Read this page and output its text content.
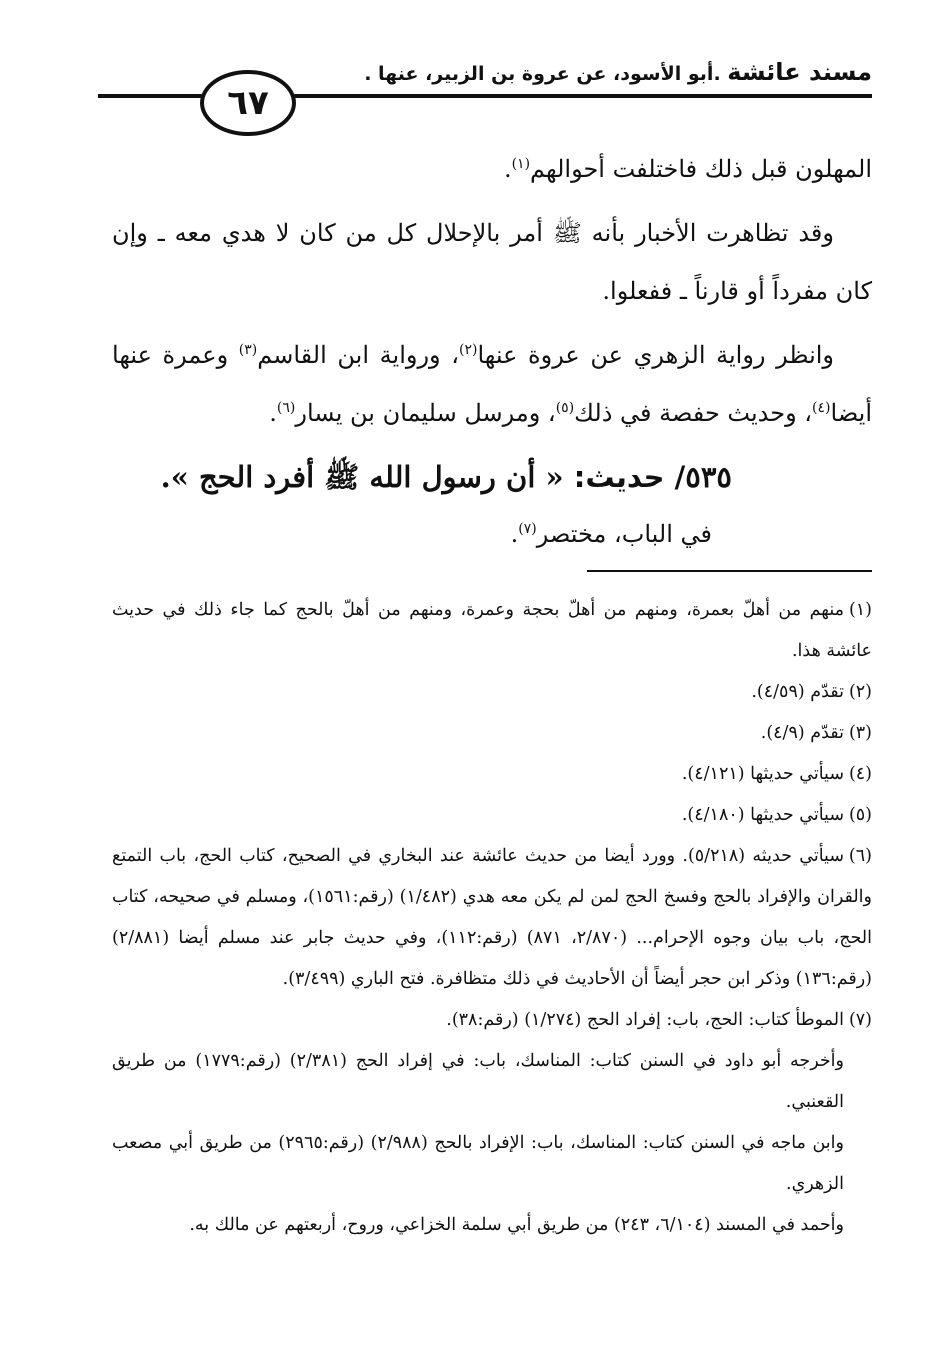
مسند عائشة .أبو الأسود، عن عروة بن الزبير، عنها .
٦٧

المهلون قبل ذلك فاختلفت أحوالهم$^{(١)}$.

وقد تظاهرت الأخبار بأنه ﷺ أمر بالإحلال كل من كان لا هدي معه ـ وإن كان مفرداً أو قارناً ـ ففعلوا.

وانظر رواية الزهري عن عروة عنها$^{(٢)}$، ورواية ابن القاسم$^{(٣)}$ وعمرة عنها أيضا$^{(٤)}$، وحديث حفصة في ذلك$^{(٥)}$، ومرسل سليمان بن يسار$^{(٦)}$.

٥٣٥/ حديث: « أن رسول الله ﷺ أفرد الحج ».
في الباب، مختصر$^{(٧)}$.

(١)منهم من أهلّ بعمرة، ومنهم من أهلّ بحجة وعمرة، ومنهم من أهلّ بالحج كما جاء ذلك في حديث عائشة هذا.

(٢)تقدّم (٤/٥٩).

(٣)تقدّم (٤/٩).

(٤)سيأتي حديثها (٤/١٢١).

(٥)سيأتي حديثها (٤/١٨٠).

(٦)سيأتي حديثه (٥/٢١٨). وورد أيضا من حديث عائشة عند البخاري في الصحيح، كتاب الحج، باب التمتع والقران والإفراد بالحج وفسخ الحج لمن لم يكن معه هدي (١/٤٨٢) (رقم:١٥٦١)، ومسلم في صحيحه، كتاب الحج، باب بيان وجوه الإحرام... (٢/٨٧٠، ٨٧١) (رقم:١١٢)، وفي حديث جابر عند مسلم أيضا (٢/٨٨١) (رقم:١٣٦) وذكر ابن حجر أيضاً أن الأحاديث في ذلك متظافرة. فتح الباري (٣/٤٩٩).

(٧)الموطأ كتاب: الحج، باب: إفراد الحج (١/٢٧٤) (رقم:٣٨).

وأخرجه أبو داود في السنن كتاب: المناسك، باب: في إفراد الحج (٢/٣٨١) (رقم:١٧٧٩) من طريق القعنبي.

وابن ماجه في السنن كتاب: المناسك، باب: الإفراد بالحج (٢/٩٨٨) (رقم:٢٩٦٥) من طريق أبي مصعب الزهري.

وأحمد في المسند (٦/١٠٤، ٢٤٣) من طريق أبي سلمة الخزاعي، وروح، أربعتهم عن مالك به.
